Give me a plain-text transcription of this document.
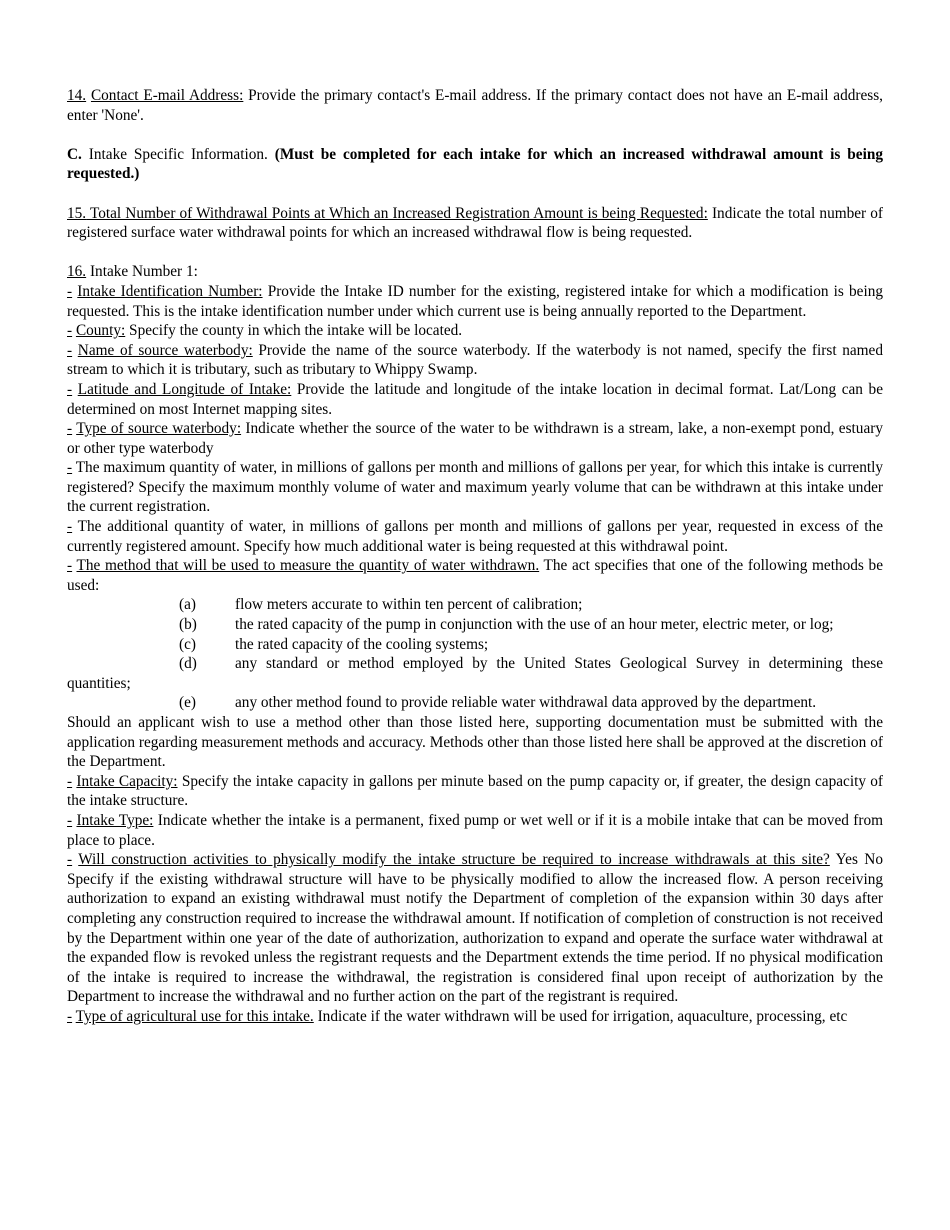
14. Contact E-mail Address: Provide the primary contact's E-mail address. If the primary contact does not have an E-mail address, enter 'None'.

C. Intake Specific Information. (Must be completed for each intake for which an increased withdrawal amount is being requested.)

15. Total Number of Withdrawal Points at Which an Increased Registration Amount is being Requested: Indicate the total number of registered surface water withdrawal points for which an increased withdrawal flow is being requested.

16. Intake Number 1:

- Intake Identification Number: Provide the Intake ID number for the existing, registered intake for which a modification is being requested. This is the intake identification number under which current use is being annually reported to the Department.

- County: Specify the county in which the intake will be located.

- Name of source waterbody: Provide the name of the source waterbody. If the waterbody is not named, specify the first named stream to which it is tributary, such as tributary to Whippy Swamp.

- Latitude and Longitude of Intake: Provide the latitude and longitude of the intake location in decimal format. Lat/Long can be determined on most Internet mapping sites.

- Type of source waterbody: Indicate whether the source of the water to be withdrawn is a stream, lake, a non-exempt pond, estuary or other type waterbody

- The maximum quantity of water, in millions of gallons per month and millions of gallons per year, for which this intake is currently registered? Specify the maximum monthly volume of water and maximum yearly volume that can be withdrawn at this intake under the current registration.

- The additional quantity of water, in millions of gallons per month and millions of gallons per year, requested in excess of the currently registered amount. Specify how much additional water is being requested at this withdrawal point.

- The method that will be used to measure the quantity of water withdrawn. The act specifies that one of the following methods be used:

(a)	flow meters accurate to within ten percent of calibration;

(b)	the rated capacity of the pump in conjunction with the use of an hour meter, electric meter, or log;

(c)	the rated capacity of the cooling systems;

(d)	any standard or method employed by the United States Geological Survey in determining these quantities;

(e)	any other method found to provide reliable water withdrawal data approved by the department.

Should an applicant wish to use a method other than those listed here, supporting documentation must be submitted with the application regarding measurement methods and accuracy. Methods other than those listed here shall be approved at the discretion of the Department.

- Intake Capacity: Specify the intake capacity in gallons per minute based on the pump capacity or, if greater, the design capacity of the intake structure.

- Intake Type: Indicate whether the intake is a permanent, fixed pump or wet well or if it is a mobile intake that can be moved from place to place.

- Will construction activities to physically modify the intake structure be required to increase withdrawals at this site? Yes No Specify if the existing withdrawal structure will have to be physically modified to allow the increased flow. A person receiving authorization to expand an existing withdrawal must notify the Department of completion of the expansion within 30 days after completing any construction required to increase the withdrawal amount. If notification of completion of construction is not received by the Department within one year of the date of authorization, authorization to expand and operate the surface water withdrawal at the expanded flow is revoked unless the registrant requests and the Department extends the time period. If no physical modification of the intake is required to increase the withdrawal, the registration is considered final upon receipt of authorization by the Department to increase the withdrawal and no further action on the part of the registrant is required.

- Type of agricultural use for this intake. Indicate if the water withdrawn will be used for irrigation, aquaculture, processing, etc
